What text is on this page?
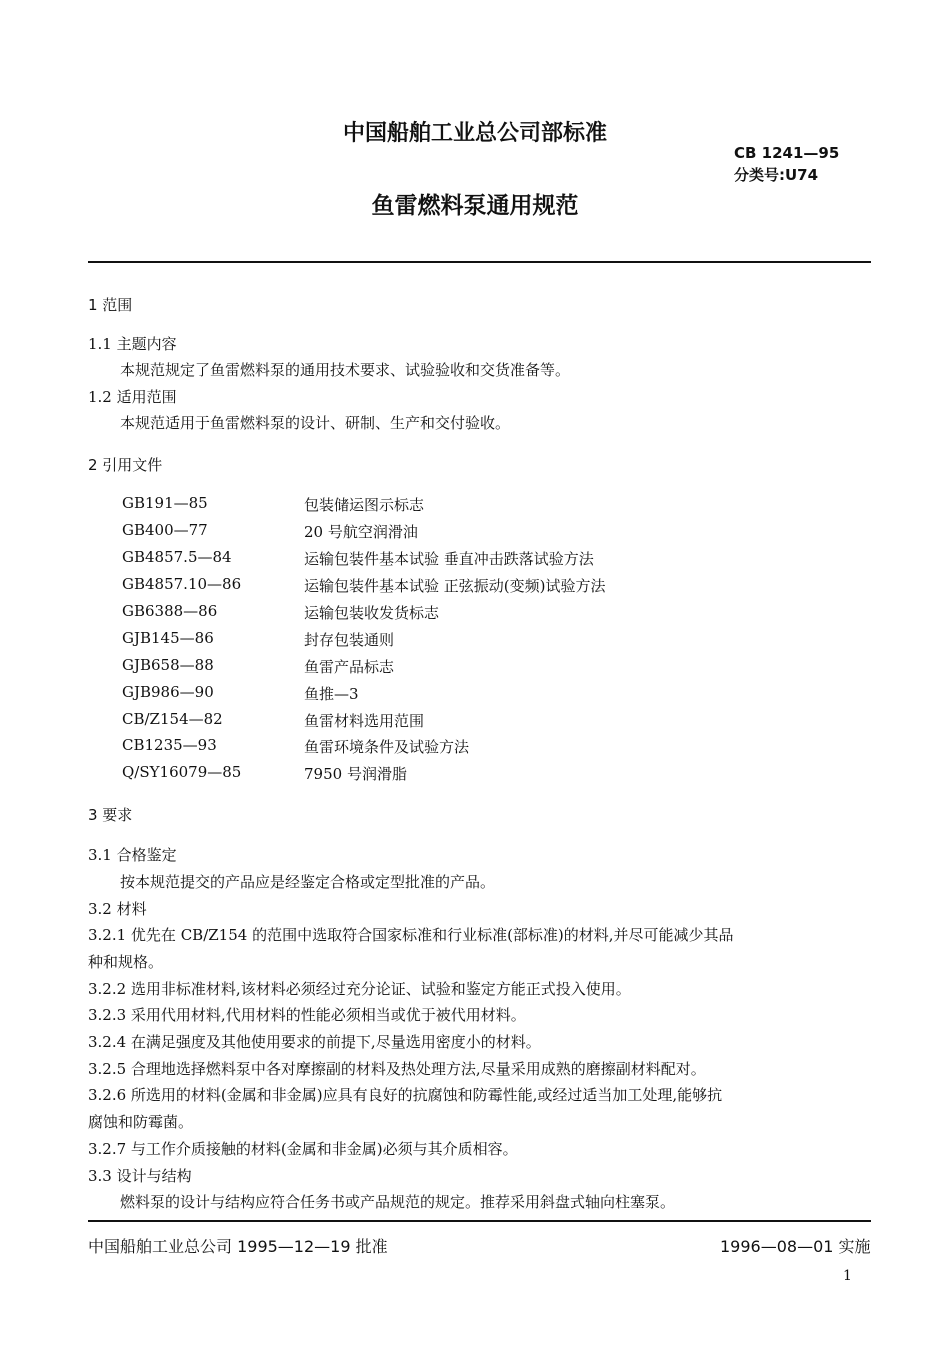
中国船舶工业总公司部标准
CB 1241—95
分类号:U74
鱼雷燃料泵通用规范
1 范围
1.1 主题内容
本规范规定了鱼雷燃料泵的通用技术要求、试验验收和交货准备等。
1.2 适用范围
本规范适用于鱼雷燃料泵的设计、研制、生产和交付验收。
2 引用文件
GB191—85	包装储运图示标志
GB400—77	20 号航空润滑油
GB4857.5—84	运输包装件基本试验 垂直冲击跌落试验方法
GB4857.10—86	运输包装件基本试验 正弦振动(变频)试验方法
GB6388—86	运输包装收发货标志
GJB145—86	封存包装通则
GJB658—88	鱼雷产品标志
GJB986—90	鱼推—3
CB/Z154—82	鱼雷材料选用范围
CB1235—93	鱼雷环境条件及试验方法
Q/SY16079—85	7950 号润滑脂
3 要求
3.1 合格鉴定
按本规范提交的产品应是经鉴定合格或定型批准的产品。
3.2 材料
3.2.1 优先在 CB/Z154 的范围中选取符合国家标准和行业标准(部标准)的材料,并尽可能减少其品
种和规格。
3.2.2 选用非标准材料,该材料必须经过充分论证、试验和鉴定方能正式投入使用。
3.2.3 采用代用材料,代用材料的性能必须相当或优于被代用材料。
3.2.4 在满足强度及其他使用要求的前提下,尽量选用密度小的材料。
3.2.5 合理地选择燃料泵中各对摩擦副的材料及热处理方法,尽量采用成熟的磨擦副材料配对。
3.2.6 所选用的材料(金属和非金属)应具有良好的抗腐蚀和防霉性能,或经过适当加工处理,能够抗
腐蚀和防霉菌。
3.2.7 与工作介质接触的材料(金属和非金属)必须与其介质相容。
3.3 设计与结构
燃料泵的设计与结构应符合任务书或产品规范的规定。推荐采用斜盘式轴向柱塞泵。
中国船舶工业总公司 1995—12—19 批准	1996—08—01 实施
1
